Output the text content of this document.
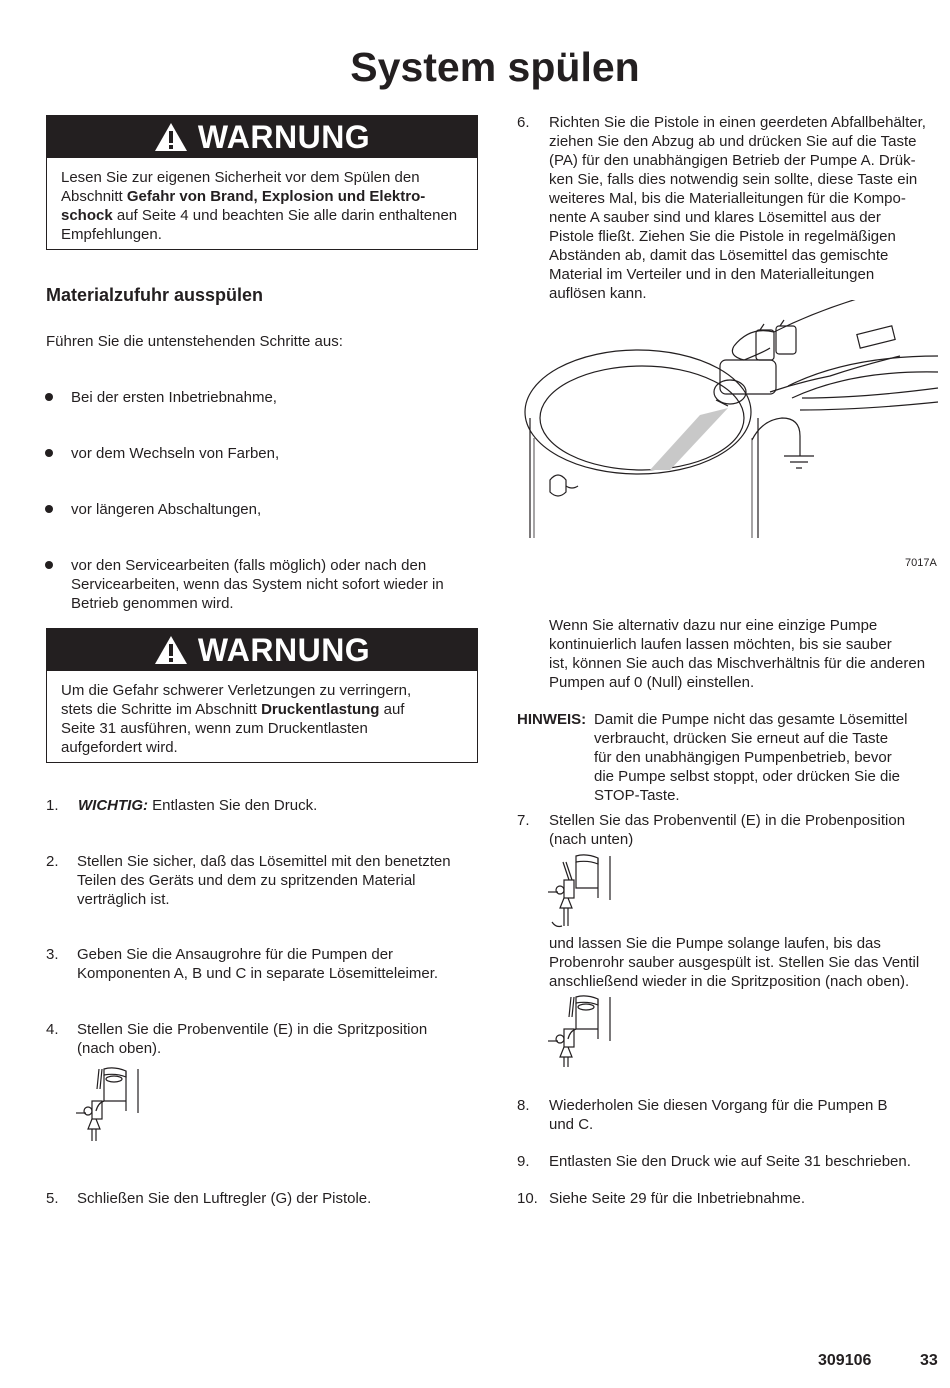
System spülen
WARNUNG
Lesen Sie zur eigenen Sicherheit vor dem Spülen den
Abschnitt Gefahr von Brand, Explosion und Elektro-
schock auf Seite 4 und beachten Sie alle darin enthaltenen
Empfehlungen.
Materialzufuhr ausspülen
Führen Sie die untenstehenden Schritte aus:
Bei der ersten Inbetriebnahme,
vor dem Wechseln von Farben,
vor längeren Abschaltungen,
vor den Servicearbeiten (falls möglich) oder nach den
Servicearbeiten, wenn das System nicht sofort wieder in
Betrieb genommen wird.
WARNUNG
Um die Gefahr schwerer Verletzungen zu verringern,
stets die Schritte im Abschnitt Druckentlastung auf
Seite 31 ausführen, wenn zum Druckentlasten
aufgefordert wird.
1. WICHTIG: Entlasten Sie den Druck.
2. Stellen Sie sicher, daß das Lösemittel mit den benetzten
Teilen des Geräts und dem zu spritzenden Material
verträglich ist.
3. Geben Sie die Ansaugrohre für die Pumpen der
Komponenten A, B und C in separate Lösemitteleimer.
4. Stellen Sie die Probenventile (E) in die Spritzposition
(nach oben).
5. Schließen Sie den Luftregler (G) der Pistole.
6. Richten Sie die Pistole in einen geerdeten Abfallbehälter,
ziehen Sie den Abzug ab und drücken Sie auf die Taste
(PA) für den unabhängigen Betrieb der Pumpe A. Drük-
ken Sie, falls dies notwendig sein sollte, diese Taste ein
weiteres Mal, bis die Materialleitungen für die Kompo-
nente A sauber sind und klares Lösemittel aus der
Pistole fließt. Ziehen Sie die Pistole in regelmäßigen
Abständen ab, damit das Lösemittel das gemischte
Material im Verteiler und in den Materialleitungen
auflösen kann.
7017A
Wenn Sie alternativ dazu nur eine einzige Pumpe
kontinuierlich laufen lassen möchten, bis sie sauber
ist, können Sie auch das Mischverhältnis für die anderen
Pumpen auf 0 (Null) einstellen.
HINWEIS: Damit die Pumpe nicht das gesamte Lösemittel
verbraucht, drücken Sie erneut auf die Taste
für den unabhängigen Pumpenbetrieb, bevor
die Pumpe selbst stoppt, oder drücken Sie die
STOP-Taste.
7. Stellen Sie das Probenventil (E) in die Probenposition
(nach unten)
und lassen Sie die Pumpe solange laufen, bis das
Probenrohr sauber ausgespült ist. Stellen Sie das Ventil
anschließend wieder in die Spritzposition (nach oben).
8. Wiederholen Sie diesen Vorgang für die Pumpen B
und C.
9. Entlasten Sie den Druck wie auf Seite 31 beschrieben.
10. Siehe Seite 29 für die Inbetriebnahme.
309106	33
